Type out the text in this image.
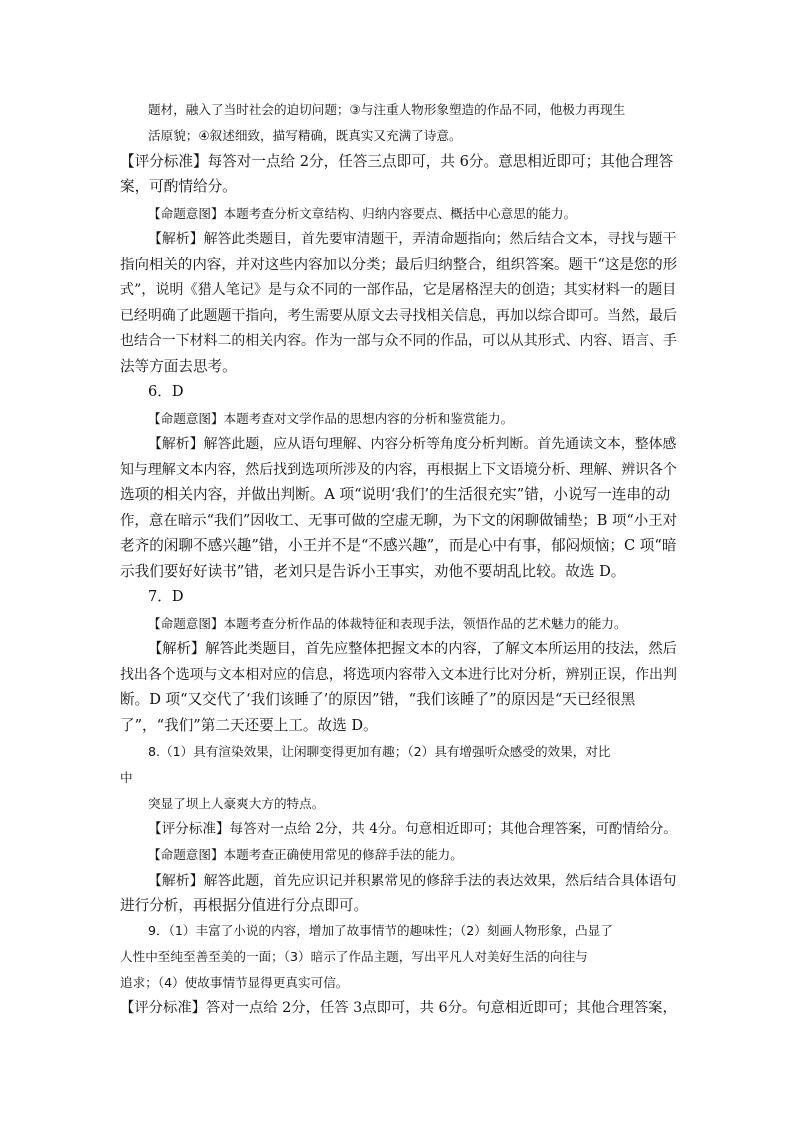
题材，融入了当时社会的迫切问题；③与注重人物形象塑造的作品不同，他极力再现生
活原貌；④叙述细致，描写精确，既真实又充满了诗意。
【评分标准】每答对一点给 2分，任答三点即可，共 6分。意思相近即可；其他合理答
案，可酌情给分。
【命题意图】本题考查分析文章结构、归纳内容要点、概括中心意思的能力。
【解析】解答此类题目，首先要审清题干，弄清命题指向；然后结合文本，寻找与题干
指向相关的内容，并对这些内容加以分类；最后归纳整合，组织答案。题干“这是您的形
式”，说明《猎人笔记》是与众不同的一部作品，它是屠格涅夫的创造；其实材料一的题目
已经明确了此题题干指向，考生需要从原文去寻找相关信息，再加以综合即可。当然，最后
也结合一下材料二的相关内容。作为一部与众不同的作品，可以从其形式、内容、语言、手
法等方面去思考。
6．D
【命题意图】本题考查对文学作品的思想内容的分析和鉴赏能力。
【解析】解答此题，应从语句理解、内容分析等角度分析判断。首先通读文本，整体感
知与理解文本内容，然后找到选项所涉及的内容，再根据上下文语境分析、理解、辨识各个
选项的相关内容，并做出判断。A 项“说明‘我们’的生活很充实”错，小说写一连串的动
作，意在暗示“我们”因收工、无事可做的空虚无聊，为下文的闲聊做铺垫；B 项“小王对
老齐的闲聊不感兴趣”错，小王并不是“不感兴趣”，而是心中有事，郁闷烦恼；C 项“暗
示我们要好好读书”错，老刘只是告诉小王事实，劝他不要胡乱比较。故选 D。
7．D
【命题意图】本题考查分析作品的体裁特征和表现手法，领悟作品的艺术魅力的能力。
【解析】解答此类题目，首先应整体把握文本的内容，了解文本所运用的技法，然后
找出各个选项与文本相对应的信息，将选项内容带入文本进行比对分析，辨别正误，作出判
断。D 项“又交代了‘我们该睡了’的原因”错，“我们该睡了”的原因是“天已经很黑
了”，“我们”第二天还要上工。故选 D。
8.（1）具有渲染效果，让闲聊变得更加有趣；（2）具有增强听众感受的效果，对比
中
突显了坝上人豪爽大方的特点。
【评分标准】每答对一点给 2分，共 4分。句意相近即可；其他合理答案，可酌情给分。
【命题意图】本题考查正确使用常见的修辞手法的能力。
【解析】解答此题，首先应识记并积累常见的修辞手法的表达效果，然后结合具体语句
进行分析，再根据分值进行分点即可。
9．（1）丰富了小说的内容，增加了故事情节的趣味性；（2）刻画人物形象，凸显了
人性中至纯至善至美的一面；（3）暗示了作品主题，写出平凡人对美好生活的向往与
追求；（4）使故事情节显得更真实可信。
【评分标准】答对一点给 2分，任答 3点即可，共 6分。句意相近即可；其他合理答案，
